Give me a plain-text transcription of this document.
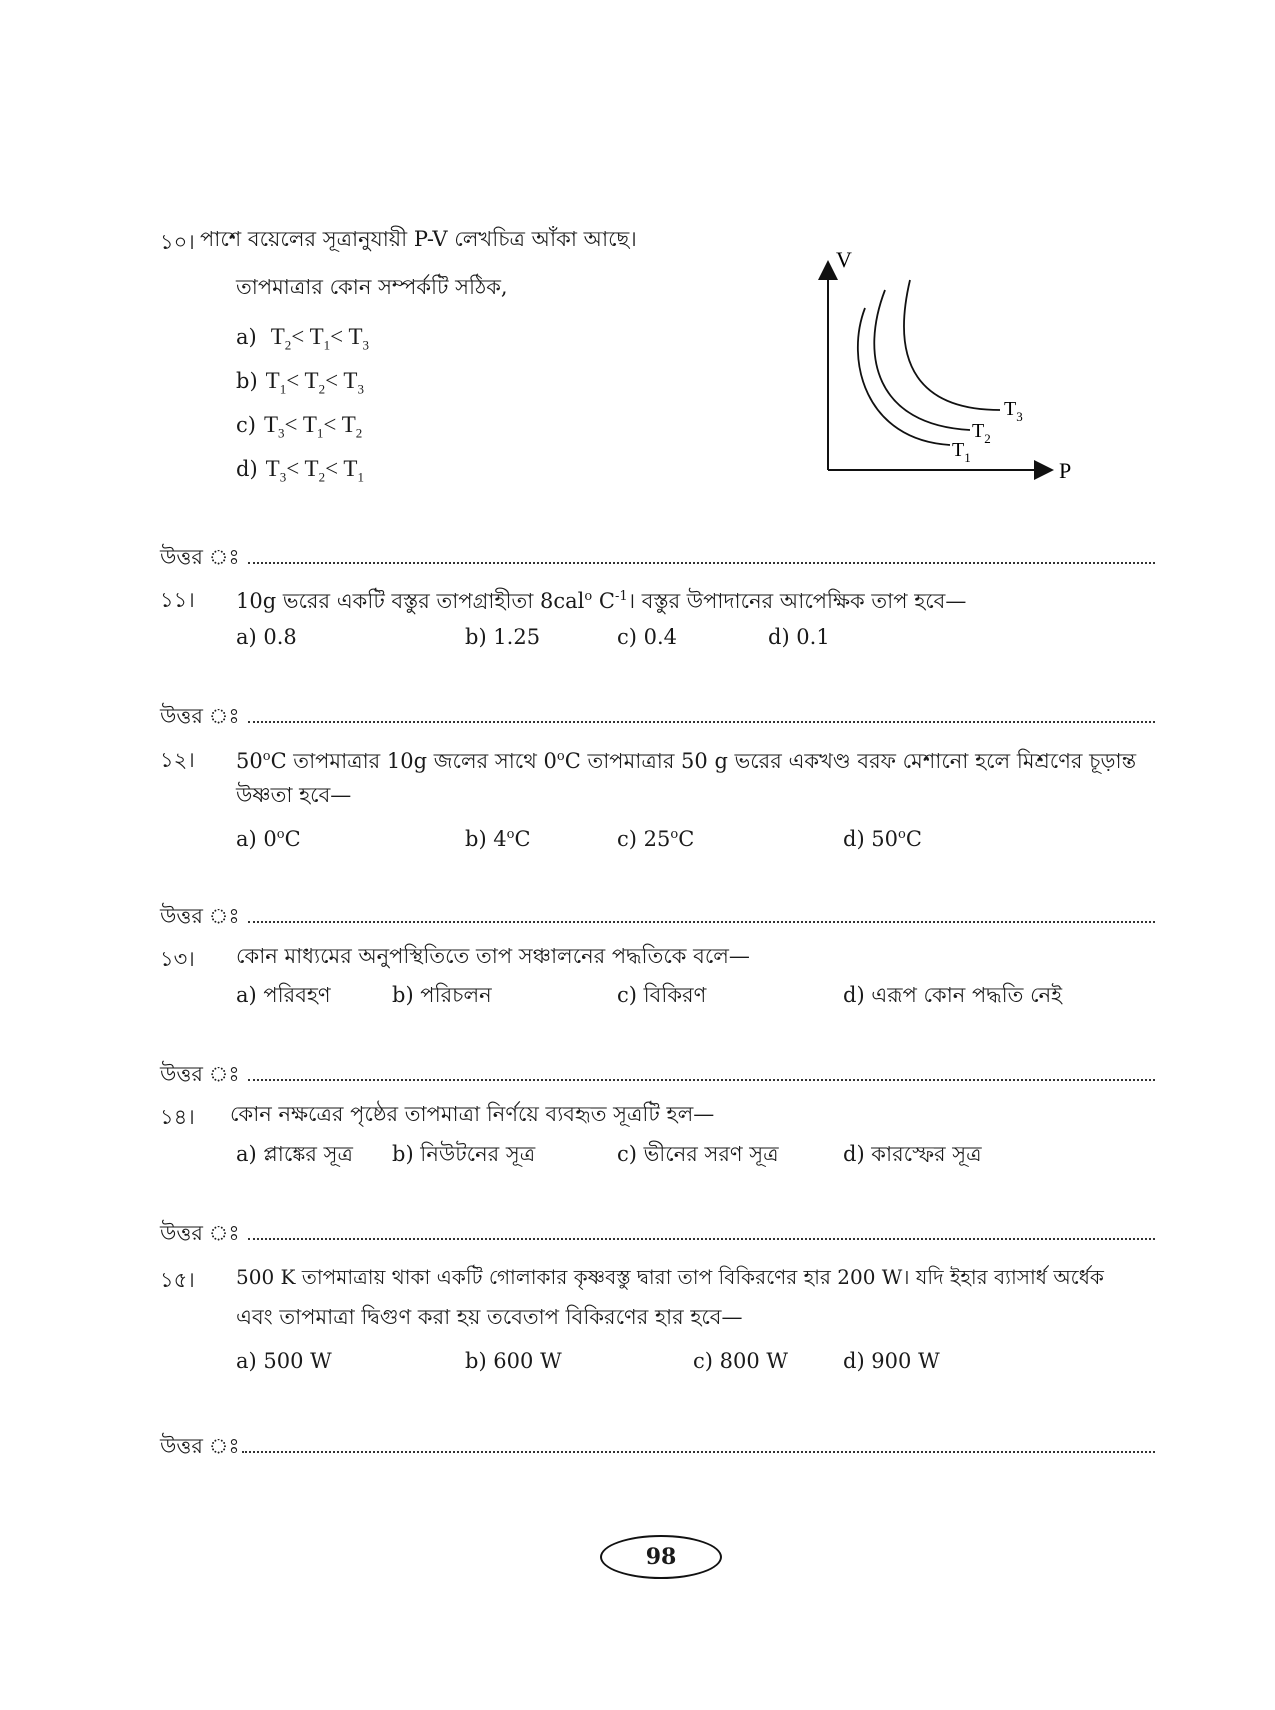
১০। পাশে বয়েলের সূত্রানুযায়ী P-V লেখচিত্র আঁকা আছে।
তাপমাত্রার কোন সম্পর্কটি সঠিক,
a) $T_2< T_1< T_3$
b) $T_1< T_2< T_3$
c) $T_3< T_1< T_2$
d) $T_3< T_2< T_1$
V
P
$T_1$
$T_2$
$T_3$
উত্তর ঃ
১১। 10g ভরের একটি বস্তুর তাপগ্রাহীতা 8cal$^o$ $C^{-1}।$ বস্তুর উপাদানের আপেক্ষিক তাপ হবে—
a) 0.8	b) 1.25	c) 0.4	d) 0.1
উত্তর ঃ
১২। 50$^o$C তাপমাত্রার 10g জলের সাথে 0$^o$C তাপমাত্রার 50 g ভরের একখণ্ড বরফ মেশানো হলে মিশ্রণের চূড়ান্ত
উষ্ণতা হবে—
a) 0$^o$C	b) 4$^o$C	c) 25$^o$C	d) 50$^o$C
উত্তর ঃ
১৩। কোন মাধ্যমের অনুপস্থিতিতে তাপ সঞ্চালনের পদ্ধতিকে বলে—
a) পরিবহণ	b) পরিচলন	c) বিকিরণ	d) এরূপ কোন পদ্ধতি নেই
উত্তর ঃ
১৪। কোন নক্ষত্রের পৃষ্ঠের তাপমাত্রা নির্ণয়ে ব্যবহৃত সূত্রটি হল—
a) প্লাঙ্কের সূত্র b) নিউটনের সূত্র	c) ভীনের সরণ সূত্র	d) কারস্ফের সূত্র
উত্তর ঃ
১৫। 500 K তাপমাত্রায় থাকা একটি গোলাকার কৃষ্ণবস্তু দ্বারা তাপ বিকিরণের হার 200 W। যদি ইহার ব্যাসার্ধ অর্ধেক
এবং তাপমাত্রা দ্বিগুণ করা হয় তবেতাপ বিকিরণের হার হবে—
a) 500 W	b) 600 W	c) 800 W	d) 900 W
উত্তর ঃ
98
